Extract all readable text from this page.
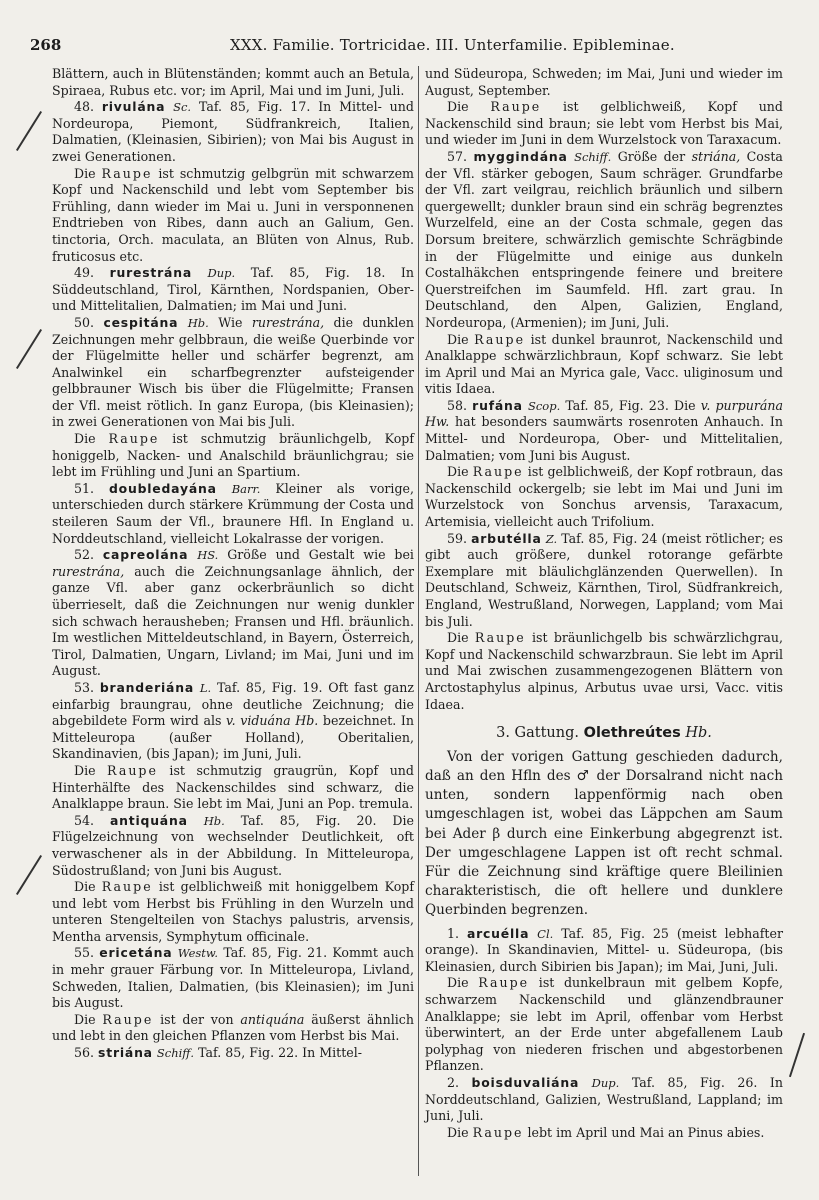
268	XXX. Familie. Tortricidae. III. Unterfamilie. Epibleminae.

Blättern, auch in Blütenständen; kommt auch an Betula, Spiraea, Rubus etc. vor; im April, Mai und im Juni, Juli.

48. rivulána Sc. Taf. 85, Fig. 17. In Mittel- und Nordeuropa, Piemont, Südfrankreich, Italien, Dalmatien, (Kleinasien, Sibirien); von Mai bis August in zwei Generationen.

Die Raupe ist schmutzig gelbgrün mit schwarzem Kopf und Nackenschild und lebt vom September bis Frühling, dann wieder im Mai u. Juni in versponnenen Endtrieben von Ribes, dann auch an Galium, Gen. tinctoria, Orch. maculata, an Blüten von Alnus, Rub. fruticosus etc.

49. rurestrána Dup. Taf. 85, Fig. 18. In Süddeutschland, Tirol, Kärnthen, Nordspanien, Ober- und Mittelitalien, Dalmatien; im Mai und Juni.

50. cespitána Hb. Wie rurestrána, die dunklen Zeichnungen mehr gelbbraun, die weiße Querbinde vor der Flügelmitte heller und schärfer begrenzt, am Analwinkel ein scharfbegrenzter aufsteigender gelbbrauner Wisch bis über die Flügelmitte; Fransen der Vfl. meist rötlich. In ganz Europa, (bis Kleinasien); in zwei Generationen von Mai bis Juli.

Die Raupe ist schmutzig bräunlichgelb, Kopf honiggelb, Nacken- und Analschild bräunlichgrau; sie lebt im Frühling und Juni an Spartium.

51. doubledayána Barr. Kleiner als vorige, unterschieden durch stärkere Krümmung der Costa und steileren Saum der Vfl., braunere Hfl. In England u. Norddeutschland, vielleicht Lokalrasse der vorigen.

52. capreolána HS. Größe und Gestalt wie bei rurestrána, auch die Zeichnungsanlage ähnlich, der ganze Vfl. aber ganz ockerbräunlich so dicht überrieselt, daß die Zeichnungen nur wenig dunkler sich schwach herausheben; Fransen und Hfl. bräunlich. Im westlichen Mitteldeutschland, in Bayern, Österreich, Tirol, Dalmatien, Ungarn, Livland; im Mai, Juni und im August.

53. branderiána L. Taf. 85, Fig. 19. Oft fast ganz einfarbig braungrau, ohne deutliche Zeichnung; die abgebildete Form wird als v. viduána Hb. bezeichnet. In Mitteleuropa (außer Holland), Oberitalien, Skandinavien, (bis Japan); im Juni, Juli.

Die Raupe ist schmutzig graugrün, Kopf und Hinterhälfte des Nackenschildes sind schwarz, die Analklappe braun. Sie lebt im Mai, Juni an Pop. tremula.

54. antiquána Hb. Taf. 85, Fig. 20. Die Flügelzeichnung von wechselnder Deutlichkeit, oft verwaschener als in der Abbildung. In Mitteleuropa, Südostrußland; von Juni bis August.

Die Raupe ist gelblichweiß mit honiggelbem Kopf und lebt vom Herbst bis Frühling in den Wurzeln und unteren Stengelteilen von Stachys palustris, arvensis, Mentha arvensis, Symphytum officinale.

55. ericetána Westw. Taf. 85, Fig. 21. Kommt auch in mehr grauer Färbung vor. In Mitteleuropa, Livland, Schweden, Italien, Dalmatien, (bis Kleinasien); im Juni bis August.

Die Raupe ist der von antiquána äußerst ähnlich und lebt in den gleichen Pflanzen vom Herbst bis Mai.

56. striána Schiff. Taf. 85, Fig. 22. In Mittel-

und Südeuropa, Schweden; im Mai, Juni und wieder im August, September.

Die Raupe ist gelblichweiß, Kopf und Nackenschild sind braun; sie lebt vom Herbst bis Mai, und wieder im Juni in dem Wurzelstock von Taraxacum.

57. myggindána Schiff. Größe der striána, Costa der Vfl. stärker gebogen, Saum schräger. Grundfarbe der Vfl. zart veilgrau, reichlich bräunlich und silbern quergewellt; dunkler braun sind ein schräg begrenztes Wurzelfeld, eine an der Costa schmale, gegen das Dorsum breitere, schwärzlich gemischte Schrägbinde in der Flügelmitte und einige aus dunkeln Costalhäkchen entspringende feinere und breitere Querstreifchen im Saumfeld. Hfl. zart grau. In Deutschland, den Alpen, Galizien, England, Nordeuropa, (Armenien); im Juni, Juli.

Die Raupe ist dunkel braunrot, Nackenschild und Analklappe schwärzlichbraun, Kopf schwarz. Sie lebt im April und Mai an Myrica gale, Vacc. uliginosum und vitis Idaea.

58. rufána Scop. Taf. 85, Fig. 23. Die v. purpurána Hw. hat besonders saumwärts rosenroten Anhauch. In Mittel- und Nordeuropa, Ober- und Mittelitalien, Dalmatien; vom Juni bis August.

Die Raupe ist gelblichweiß, der Kopf rotbraun, das Nackenschild ockergelb; sie lebt im Mai und Juni im Wurzelstock von Sonchus arvensis, Taraxacum, Artemisia, vielleicht auch Trifolium.

59. arbutélla Z. Taf. 85, Fig. 24 (meist rötlicher; es gibt auch größere, dunkel rotorange gefärbte Exemplare mit bläulichglänzenden Querwellen). In Deutschland, Schweiz, Kärnthen, Tirol, Südfrankreich, England, Westrußland, Norwegen, Lappland; vom Mai bis Juli.

Die Raupe ist bräunlichgelb bis schwärzlichgrau, Kopf und Nackenschild schwarzbraun. Sie lebt im April und Mai zwischen zusammengezogenen Blättern von Arctostaphylus alpinus, Arbutus uvae ursi, Vacc. vitis Idaea.

3. Gattung. Olethreútes Hb.

Von der vorigen Gattung geschieden dadurch, daß an den Hfln des ♂ der Dorsalrand nicht nach unten, sondern lappenförmig nach oben umgeschlagen ist, wobei das Läppchen am Saum bei Ader β durch eine Einkerbung abgegrenzt ist. Der umgeschlagene Lappen ist oft recht schmal. Für die Zeichnung sind kräftige quere Bleilinien charakteristisch, die oft hellere und dunklere Querbinden begrenzen.

1. arcuélla Cl. Taf. 85, Fig. 25 (meist lebhafter orange). In Skandinavien, Mittel- u. Südeuropa, (bis Kleinasien, durch Sibirien bis Japan); im Mai, Juni, Juli.

Die Raupe ist dunkelbraun mit gelbem Kopfe, schwarzem Nackenschild und glänzendbrauner Analklappe; sie lebt im April, offenbar vom Herbst überwintert, an der Erde unter abgefallenem Laub polyphag von niederen frischen und abgestorbenen Pflanzen.

2. boisduvaliána Dup. Taf. 85, Fig. 26. In Norddeutschland, Galizien, Westrußland, Lappland; im Juni, Juli.

Die Raupe lebt im April und Mai an Pinus abies.
